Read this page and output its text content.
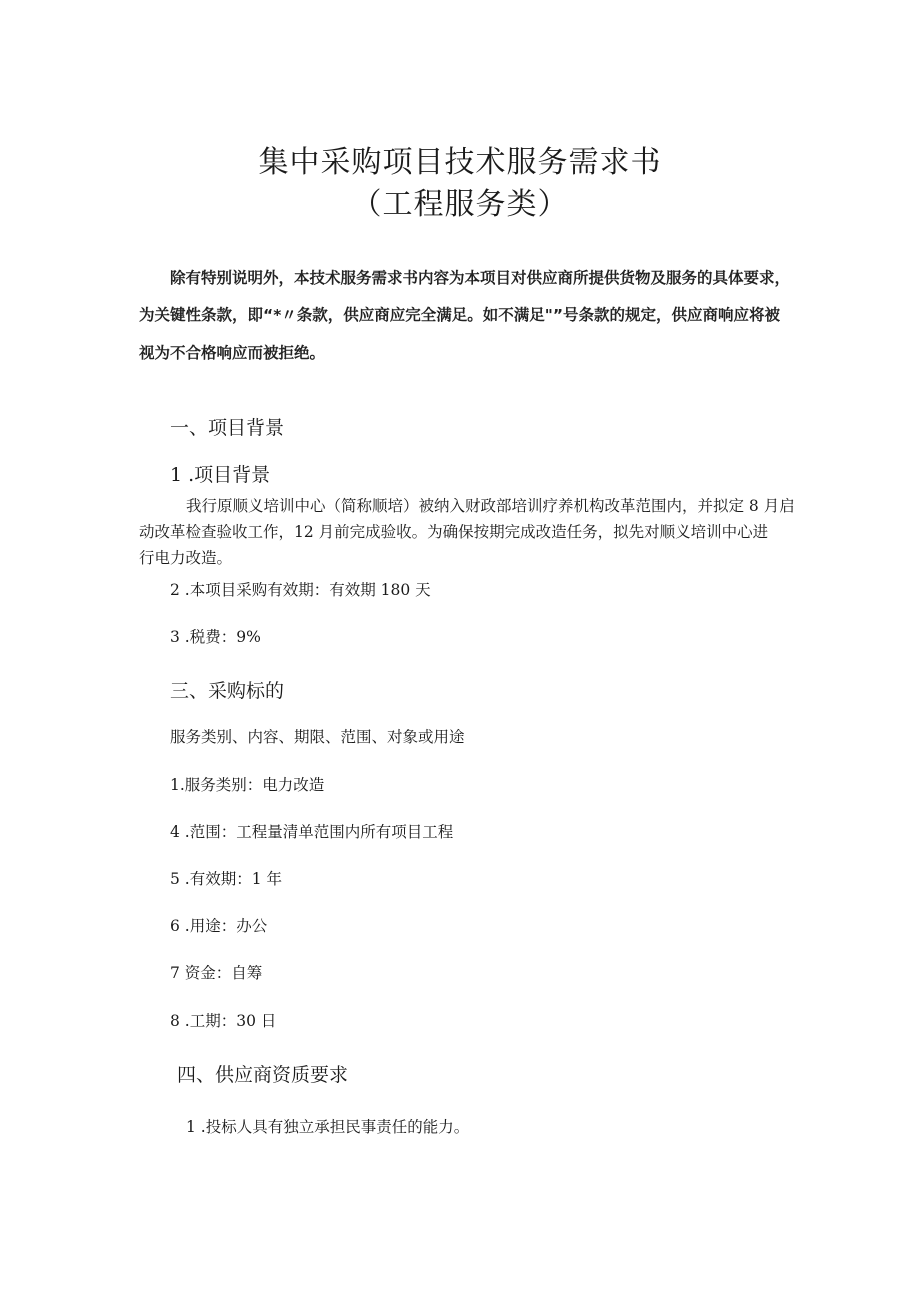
集中采购项目技术服务需求书
（工程服务类）
除有特别说明外，本技术服务需求书内容为本项目对供应商所提供货物及服务的具体要求，
为关键性条款，即“*〃条款，供应商应完全满足。如不满足"”号条款的规定，供应商响应将被
视为不合格响应而被拒绝。
一、项目背景
1 .项目背景
我行原顺义培训中心（简称顺培）被纳入财政部培训疗养机构改革范围内，并拟定 8 月启
动改革检查验收工作，12 月前完成验收。为确保按期完成改造任务，拟先对顺义培训中心进
行电力改造。
2 .本项目采购有效期：有效期 180 天
3 .税费：9%
三、采购标的
服务类别、内容、期限、范围、对象或用途
1.服务类别：电力改造
4 .范围：工程量清单范围内所有项目工程
5 .有效期：1 年
6 .用途：办公
7 资金：自筹
8 .工期：30 日
四、供应商资质要求
1 .投标人具有独立承担民事责任的能力。
